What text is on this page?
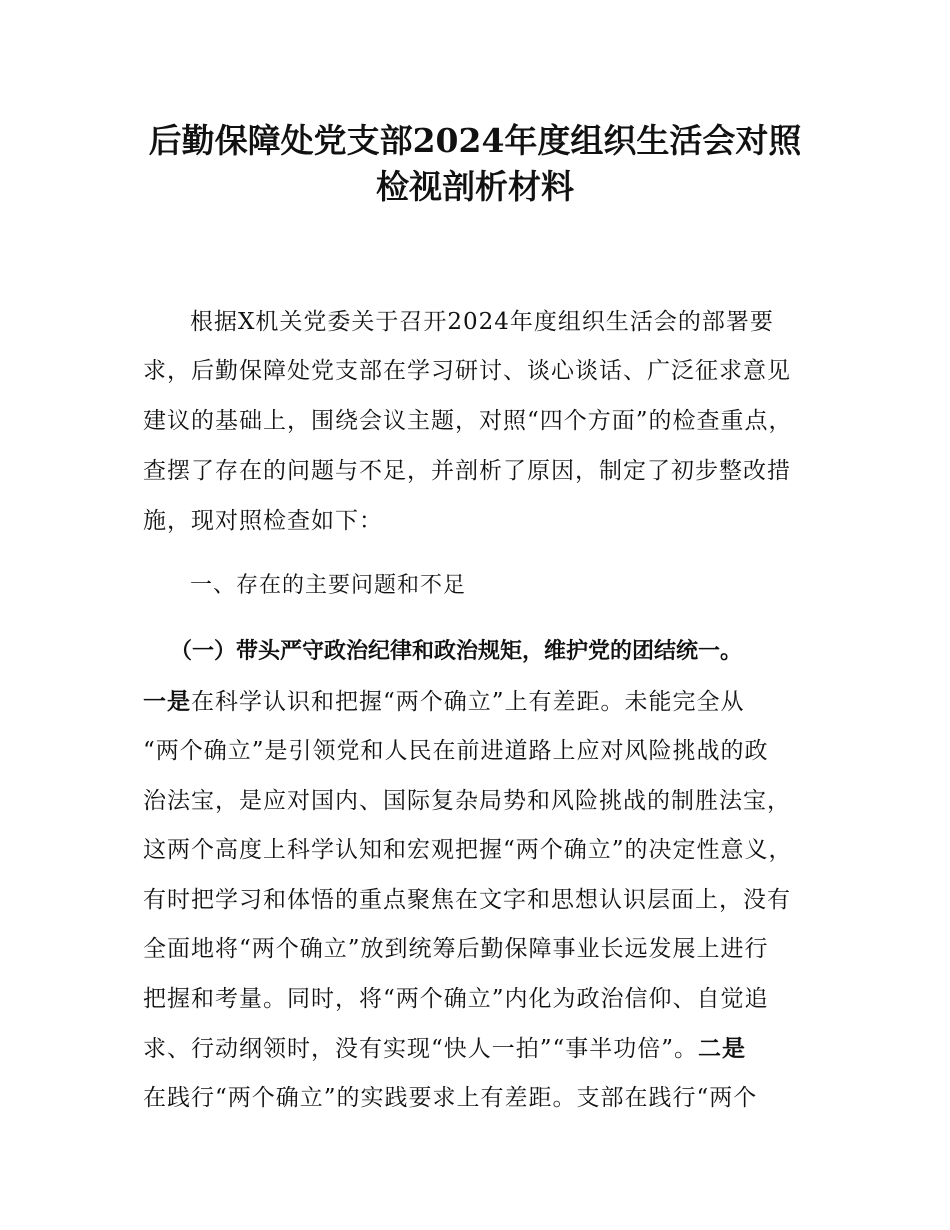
后勤保障处党支部2024年度组织生活会对照
检视剖析材料
根据X机关党委关于召开2024年度组织生活会的部署要
求，后勤保障处党支部在学习研讨、谈心谈话、广泛征求意见
建议的基础上，围绕会议主题，对照“四个方面”的检查重点，
查摆了存在的问题与不足，并剖析了原因，制定了初步整改措
施，现对照检查如下：
一、存在的主要问题和不足
（一）带头严守政治纪律和政治规矩，维护党的团结统一。
一是在科学认识和把握“两个确立”上有差距。未能完全从
“两个确立”是引领党和人民在前进道路上应对风险挑战的政
治法宝，是应对国内、国际复杂局势和风险挑战的制胜法宝，
这两个高度上科学认知和宏观把握“两个确立”的决定性意义，
有时把学习和体悟的重点聚焦在文字和思想认识层面上，没有
全面地将“两个确立”放到统筹后勤保障事业长远发展上进行
把握和考量。同时，将“两个确立”内化为政治信仰、自觉追
求、行动纲领时，没有实现“快人一拍”“事半功倍”。二是
在践行“两个确立”的实践要求上有差距。支部在践行“两个
